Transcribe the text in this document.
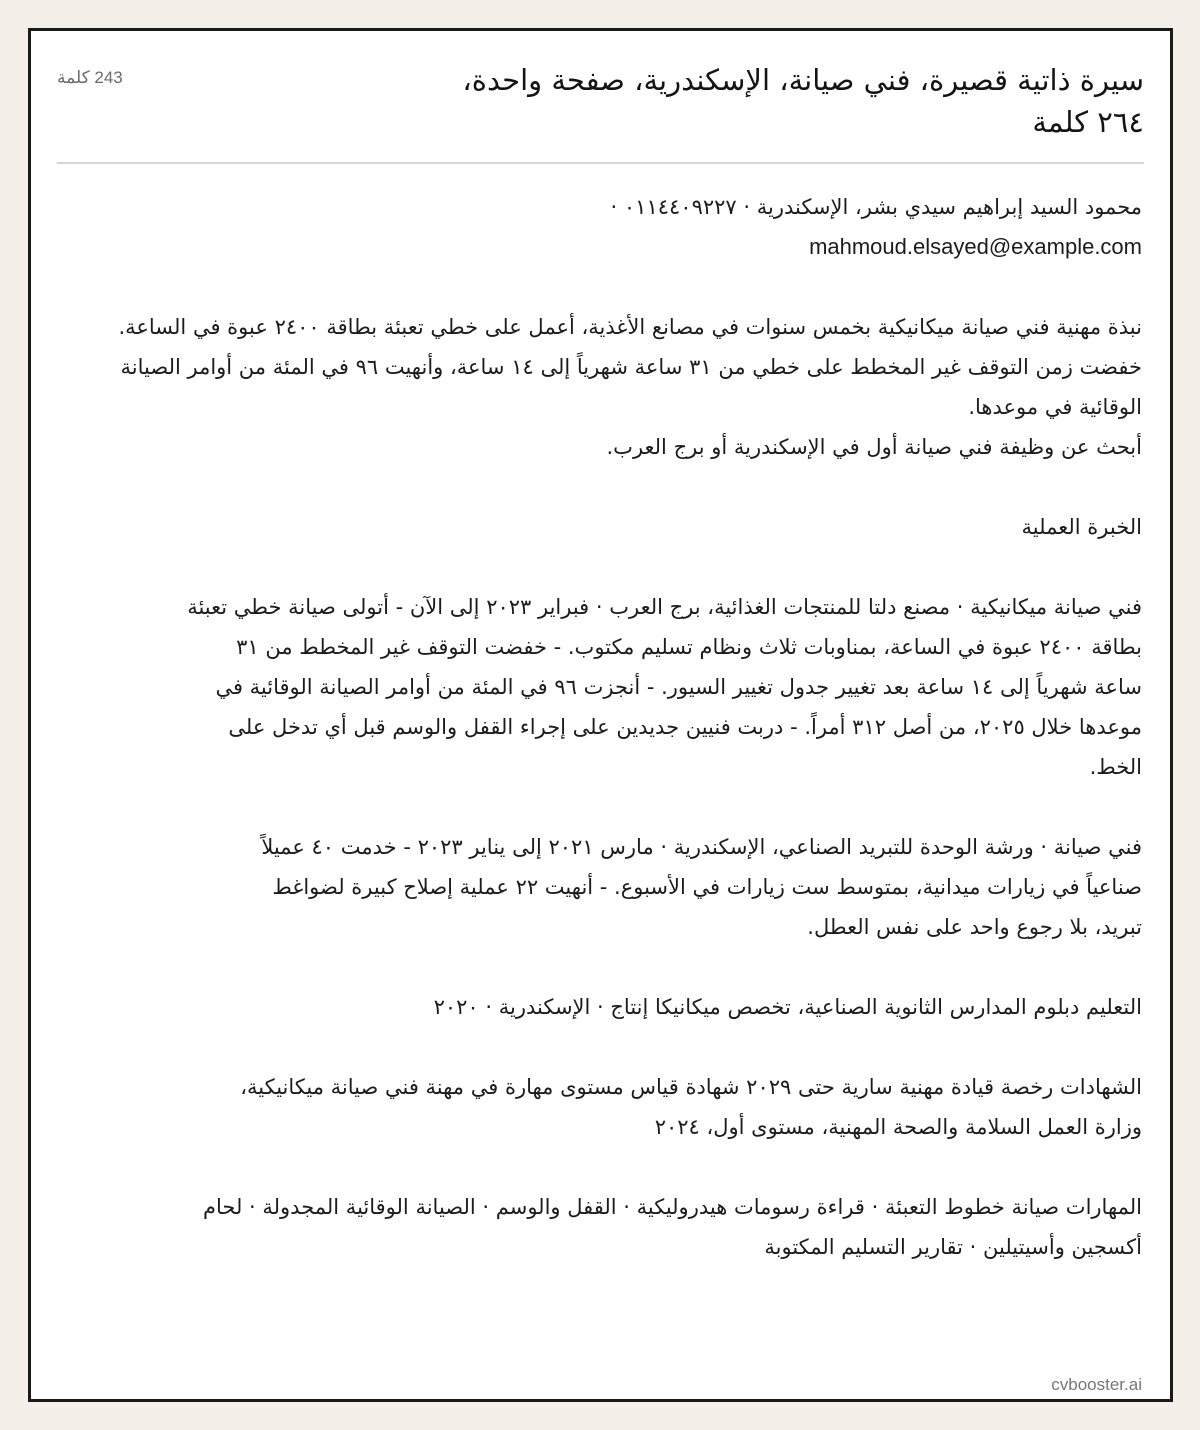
سيرة ذاتية قصيرة، فني صيانة، الإسكندرية، صفحة واحدة، ٢٦٤ كلمة
243 كلمة
محمود السيد إبراهيم سيدي بشر، الإسكندرية · ٠١١٤٤٠٩٢٢٧ ·
mahmoud.elsayed@example.com
نبذة مهنية فني صيانة ميكانيكية بخمس سنوات في مصانع الأغذية، أعمل على خطي تعبئة بطاقة ٢٤٠٠ عبوة في الساعة. خفضت زمن التوقف غير المخطط على خطي من ٣١ ساعة شهرياً إلى ١٤ ساعة، وأنهيت ٩٦ في المئة من أوامر الصيانة الوقائية في موعدها.
أبحث عن وظيفة فني صيانة أول في الإسكندرية أو برج العرب.
الخبرة العملية
فني صيانة ميكانيكية · مصنع دلتا للمنتجات الغذائية، برج العرب · فبراير ٢٠٢٣ إلى الآن - أتولى صيانة خطي تعبئة بطاقة ٢٤٠٠ عبوة في الساعة، بمناوبات ثلاث ونظام تسليم مكتوب. - خفضت التوقف غير المخطط من ٣١ ساعة شهرياً إلى ١٤ ساعة بعد تغيير جدول تغيير السيور. - أنجزت ٩٦ في المئة من أوامر الصيانة الوقائية في موعدها خلال ٢٠٢٥، من أصل ٣١٢ أمراً. - دربت فنيين جديدين على إجراء القفل والوسم قبل أي تدخل على الخط.
فني صيانة · ورشة الوحدة للتبريد الصناعي، الإسكندرية · مارس ٢٠٢١ إلى يناير ٢٠٢٣ - خدمت ٤٠ عميلاً صناعياً في زيارات ميدانية، بمتوسط ست زيارات في الأسبوع. - أنهيت ٢٢ عملية إصلاح كبيرة لضواغط تبريد، بلا رجوع واحد على نفس العطل.
التعليم دبلوم المدارس الثانوية الصناعية، تخصص ميكانيكا إنتاج · الإسكندرية · ٢٠٢٠
الشهادات رخصة قيادة مهنية سارية حتى ٢٠٢٩ شهادة قياس مستوى مهارة في مهنة فني صيانة ميكانيكية، وزارة العمل السلامة والصحة المهنية، مستوى أول، ٢٠٢٤
المهارات صيانة خطوط التعبئة · قراءة رسومات هيدروليكية · القفل والوسم · الصيانة الوقائية المجدولة · لحام أكسجين وأسيتيلين · تقارير التسليم المكتوبة
cvbooster.ai
